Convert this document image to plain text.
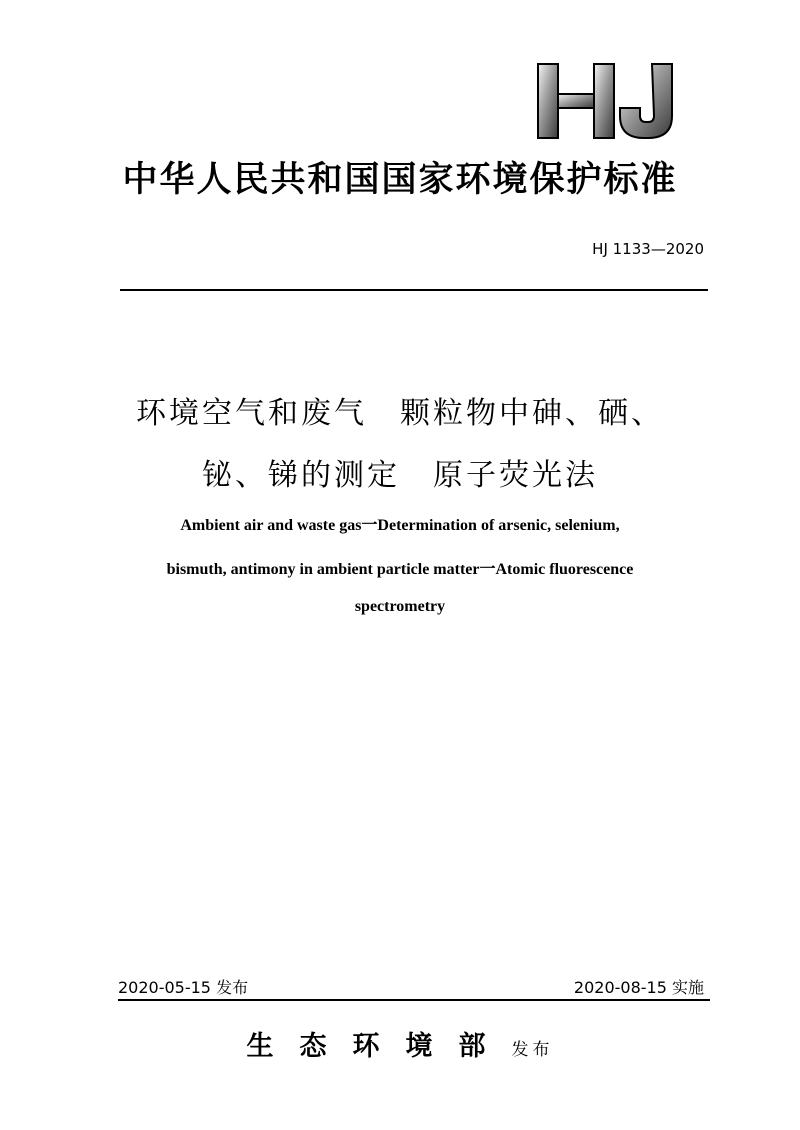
中华人民共和国国家环境保护标准
HJ 1133—2020
环境空气和废气　颗粒物中砷、硒、
铋、锑的测定　原子荧光法
Ambient air and waste gas一Determination of arsenic, selenium,
bismuth, antimony in ambient particle matter一Atomic fluorescence
spectrometry
2020-05-15 发布	2020-08-15 实施
生态环境部发布
